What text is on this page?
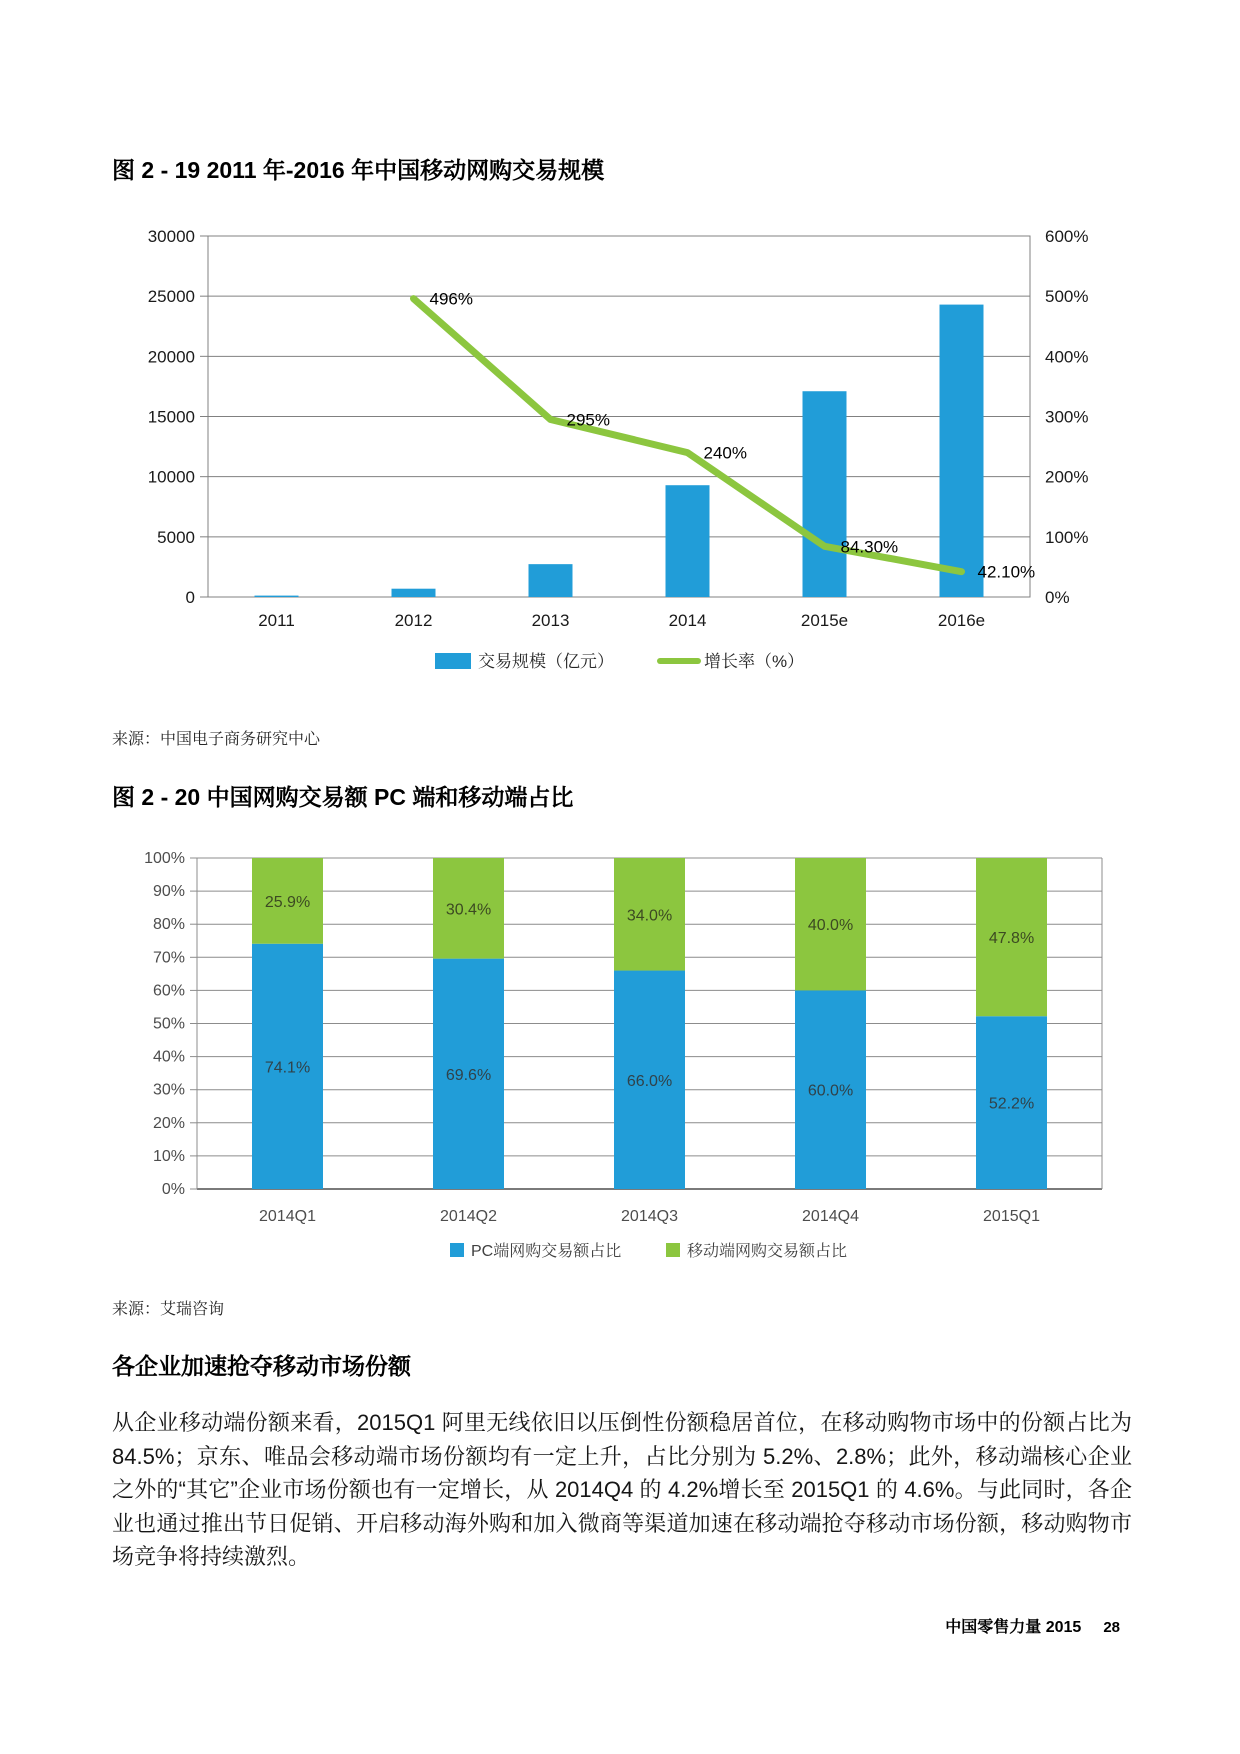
图 2 - 19 2011 年-2016 年中国移动网购交易规模
0	0%
5000	100%
10000	200%
15000	300%
20000	400%
25000	500%
30000	600%
496%
295%
240%
84.30%
42.10%
2011	2012	2013	2014	2015e	2016e
交易规模（亿元）	增长率（%）

来源：中国电子商务研究中心

图 2 - 20 中国网购交易额 PC 端和移动端占比
0%
10%
20%
30%
40%
50%
60%
70%
80%
90%
100%
74.1%
25.9%
2014Q1
69.6%
30.4%
2014Q2
66.0%
34.0%
2014Q3
60.0%
40.0%
2014Q4
52.2%
47.8%
2015Q1
PC端网购交易额占比	移动端网购交易额占比

来源：艾瑞咨询

各企业加速抢夺移动市场份额

从企业移动端份额来看，2015Q1 阿里无线依旧以压倒性份额稳居首位，在移动购物市场中的份额占比为 84.5%；京东、唯品会移动端市场份额均有一定上升，占比分别为 5.2%、2.8%；此外，移动端核心企业之外的“其它”企业市场份额也有一定增长，从 2014Q4 的 4.2%增长至 2015Q1 的 4.6%。与此同时，各企业也通过推出节日促销、开启移动海外购和加入微商等渠道加速在移动端抢夺移动市场份额，移动购物市场竞争将持续激烈。

中国零售力量 2015 28
